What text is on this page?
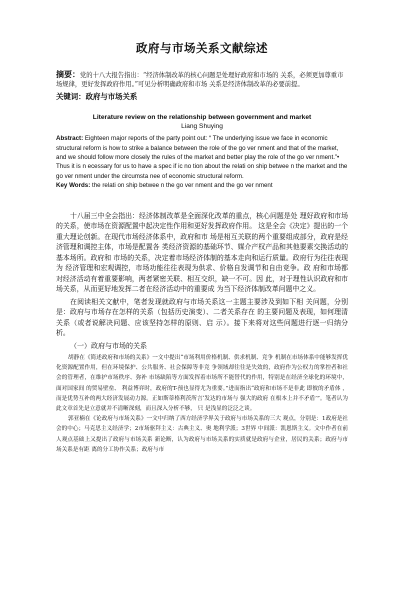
政府与市场关系文献综述
摘要：党的十八大报告指出：“经济体制改革的核心问题是处理好政府和市场的 关系，必须更加尊重市场规律，更好发挥政府作用。”可见分析明确政府和市场 关系是经济体制改革的必要前提。
关键词：政府与市场关系
Literature review on the relationship between government and market
Liang Shuying

Abstract: Eighteen major reports of the party point out: “ The underlying issue we face in economic structural reform is how to strike a balance between the role of the go ver nment and that of the market, and we should follow more closely the rules of the market and better play the role of the go ver nment.”• Thus it is n ecessary for us to have a spec if ic no tion about the relati on ship betwee n the market and the go ver nment under the circumsta nee of economic structural reform.

Key Words: the relati on ship betwee n the go ver nment and the go ver nment

十八届三中全会指出：经济体制改革是全面深化改革的重点，核心问题是处 理好政府和市场的关系，使市场在资源配置中起决定性作用和更好发挥政府作用。 这是全会《决定》提出的一个重大理论创新。在现代市场经济体系中，政府和市 场是相互关联的两个重要组成部分，政府是经济管理和调控主体，市场是配置各 类经济资源的基础环节、媒介产权产品和其他要素交换活动的基本场所。政府和 市场的关系，决定着市场经济体制的基本走向和运行质量。政府行为往往表现为 经济管理和宏观调控，市场功能往往表现为供求、价格自发调节和自由竞争。政 府和市场都对经济活动有着重要影响，两者紧密关联、相互交织，缺一不可。因 此，对于理性认识政府和市场关系，从而更好地发挥二者在经济活动中的重要成 为当下经济体制改革问题中之义。

在阅读相关文献中，笔者发现就政府与市场关系这一主题主要涉及到如下相 关问题，分别是：政府与市场存在怎样的关系（包括历史演变）、二者关系存在 的主要问题及表现，如何理清关系（或者说解决问题、应该坚持怎样的原则、启 示）。接下来将对这些问题进行逐一归纳分析。

（一）政府与市场的关系

胡静在《简述政府和市场的关系》一文中提出“市场利用价格机制、供求机制、竞争 机制在市场体系中能够发挥优化资源配置作用，但在环境保护、公共服务、社会保障等非竞 争领域却往往是失效的，政府作为公权力的掌控者和社会的管理者，在维护市场秩序、弥补 市场缺陷等方面发挥着市场所不能替代的作用，特别是在经济全球化的环境中，面对国家间 的贸易壁垒、 利益博弈时，政府的T-预也显得尤为重要。”进而指出“政府和市场不是非此 即彼的矛盾体 ，而是优势互补的两大经济发展动力源。正如斯蒂格利茨所言‘发达的市场与 强大的政府 在根本上并不矛盾’”。笔者认为此文章首先是立意就并不清晰深刻，而且深入分析不够， 只 是浅显的泛泛之谈。

郭亚楠在《论政府与市场关系》一文中归纳了西方经济学界关于政府与市场关系的三大 观点，分别是：1政府是社会的中心；马克思主义经济学；2市场驱拜主义：古典主义、奥 地利学派；3世界 中间派：凯恩斯主义。文中作者在前人观点基础上又提出了政府与市场关系 新论断，认为政府与市场关系的实质就是政府与企业，居民的关系；政府与市场关系是有距 离的分工协作关系；政府与市
